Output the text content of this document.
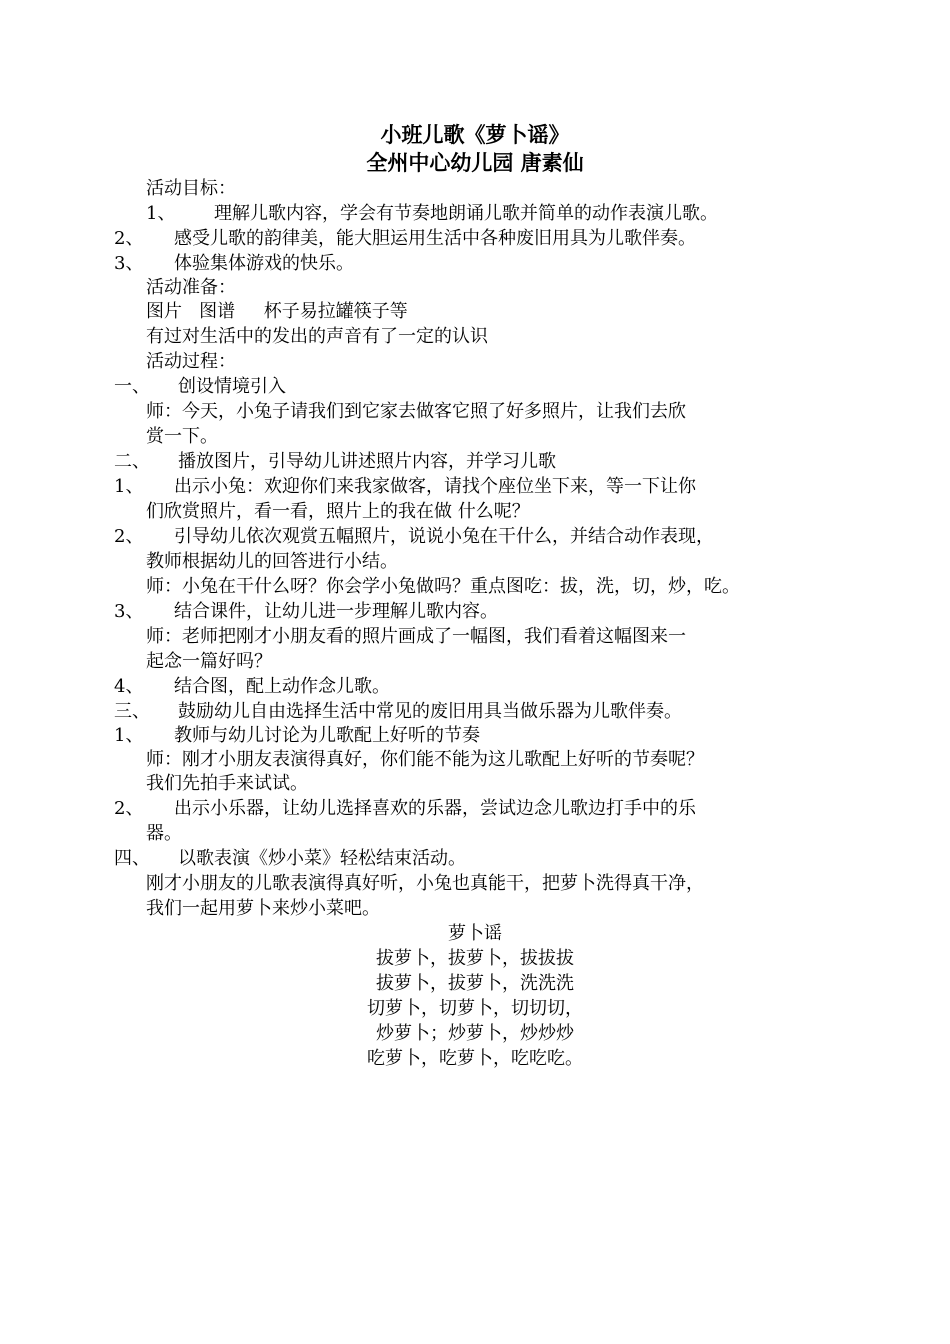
小班儿歌《萝卜谣》
全州中心幼儿园 唐素仙
活动目标：
1、 理解儿歌内容，学会有节奏地朗诵儿歌并简单的动作表演儿歌。
2、 感受儿歌的韵律美，能大胆运用生活中各种废旧用具为儿歌伴奏。
3、 体验集体游戏的快乐。
活动准备：
图片   图谱     杯子易拉罐筷子等
有过对生活中的发出的声音有了一定的认识
活动过程：
一、 创设情境引入
师：今天，小兔子请我们到它家去做客它照了好多照片，让我们去欣
赏一下。
二、 播放图片，引导幼儿讲述照片内容，并学习儿歌
1、 出示小兔：欢迎你们来我家做客，请找个座位坐下来，等一下让你
们欣赏照片，看一看，照片上的我在做 什么呢？
2、 引导幼儿依次观赏五幅照片，说说小兔在干什么，并结合动作表现，
教师根据幼儿的回答进行小结。
师：小兔在干什么呀？你会学小兔做吗？重点图吃：拔，洗，切，炒，吃。
3、 结合课件，让幼儿进一步理解儿歌内容。
师：老师把刚才小朋友看的照片画成了一幅图，我们看着这幅图来一
起念一篇好吗？
4、 结合图，配上动作念儿歌。
三、 鼓励幼儿自由选择生活中常见的废旧用具当做乐器为儿歌伴奏。
1、 教师与幼儿讨论为儿歌配上好听的节奏
师：刚才小朋友表演得真好，你们能不能为这儿歌配上好听的节奏呢？
我们先拍手来试试。
2、 出示小乐器，让幼儿选择喜欢的乐器，尝试边念儿歌边打手中的乐
器。
四、 以歌表演《炒小菜》轻松结束活动。
刚才小朋友的儿歌表演得真好听，小兔也真能干，把萝卜洗得真干净，
我们一起用萝卜来炒小菜吧。
萝卜谣
拔萝卜，拔萝卜，拔拔拔
拔萝卜，拔萝卜，洗洗洗
切萝卜，切萝卜，切切切，
炒萝卜；炒萝卜，炒炒炒
吃萝卜，吃萝卜，吃吃吃。
